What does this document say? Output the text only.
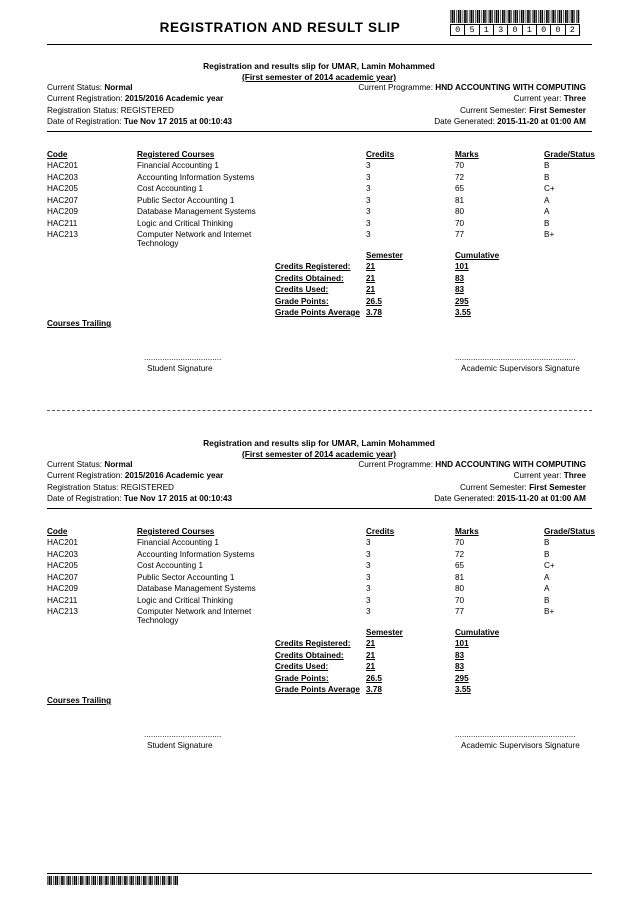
REGISTRATION AND RESULT SLIP	0	5	1	3	0	1	0	0	2
Registration and results slip for UMAR, Lamin Mohammed
(First semester of 2014 academic year)
Current Status: Normal
Current Registration: 2015/2016 Academic year
Registration Status: REGISTERED
Date of Registration: Tue Nov 17 2015 at 00:10:43
Current Programme: HND ACCOUNTING WITH COMPUTING
Current year: Three
Current Semester: First Semester
Date Generated: 2015-11-20 at 01:00 AM
Code	Registered Courses	Credits	Marks	Grade/Status
HAC201	Financial Accounting 1	3	70	B
HAC203	Accounting Information Systems	3	72	B
HAC205	Cost Accounting 1	3	65	C+
HAC207	Public Sector Accounting 1	3	81	A
HAC209	Database Management Systems	3	80	A
HAC211	Logic and Critical Thinking	3	70	B
HAC213	Computer Network and Internet Technology
3	77	B+
Semester	Cumulative
Credits Registered: 21	101
Credits Obtained:	21	83
Credits Used:	21	83
Grade Points:	26.5	295
Grade Points Average 3.78	3.55
Courses Trailing
..................................
Student Signature
.....................................................
Academic Supervisors Signature
Registration and results slip for UMAR, Lamin Mohammed
(First semester of 2014 academic year)
Current Status: Normal
Current Registration: 2015/2016 Academic year
Registration Status: REGISTERED
Date of Registration: Tue Nov 17 2015 at 00:10:43
Current Programme: HND ACCOUNTING WITH COMPUTING
Current year: Three
Current Semester: First Semester
Date Generated: 2015-11-20 at 01:00 AM
Code	Registered Courses	Credits	Marks	Grade/Status
HAC201	Financial Accounting 1	3	70	B
HAC203	Accounting Information Systems	3	72	B
HAC205	Cost Accounting 1	3	65	C+
HAC207	Public Sector Accounting 1	3	81	A
HAC209	Database Management Systems	3	80	A
HAC211	Logic and Critical Thinking	3	70	B
HAC213	Computer Network and Internet Technology
3	77	B+
Semester	Cumulative
Credits Registered: 21	101
Credits Obtained:	21	83
Credits Used:	21	83
Grade Points:	26.5	295
Grade Points Average 3.78	3.55
Courses Trailing
..................................
Student Signature
.....................................................
Academic Supervisors Signature
